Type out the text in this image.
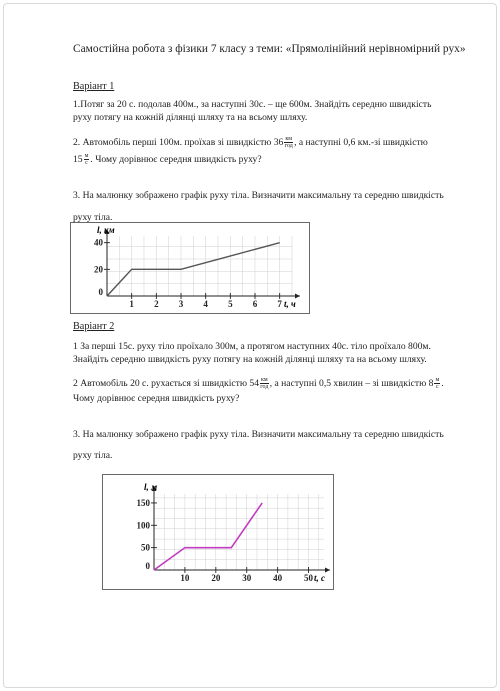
Самостійна робота з фізики 7 класу з теми: «Прямолінійний нерівномірний рух»
Варіант 1
1.Потяг за 20 с. подолав 400м., за наступні 30с. – ще 600м. Знайдіть середню швидкість
руху потягу на кожній ділянці шляху та на всьому шляху.
2. Автомобіль перші 100м. проїхав зі швидкістю $36 \frac{км}{\text{год}}$ , а наступні 0,6 км.-зі швидкістю
$15 \frac{м}{с}$ . Чому дорівнює середня швидкість руху?
3. На малюнку зображено графік руху тіла. Визначити максимальну та середню швидкість
руху тіла.
1 2 3 4 5 6 7
0
20
40
l, км
t, ч
Варіант 2
1 За перші 15с. руху тіло проїхало 300м, а протягом наступних 40с. тіло проїхало 800м.
Знайдіть середню швидкість руху потягу на кожній ділянці шляху та на всьому шляху.
2 Автомобіль 20 с. рухається зі швидкістю $54 \frac{км}{\text{год}}$ , а наступні 0,5 хвилин – зі швидкістю $8 \frac{м}{с}$ .
Чому дорівнює середня швидкість руху?
3. На малюнку зображено графік руху тіла. Визначити максимальну та середню швидкість
руху тіла.
10 20 30 40 50
0
50
100
150
l, м
t, с
